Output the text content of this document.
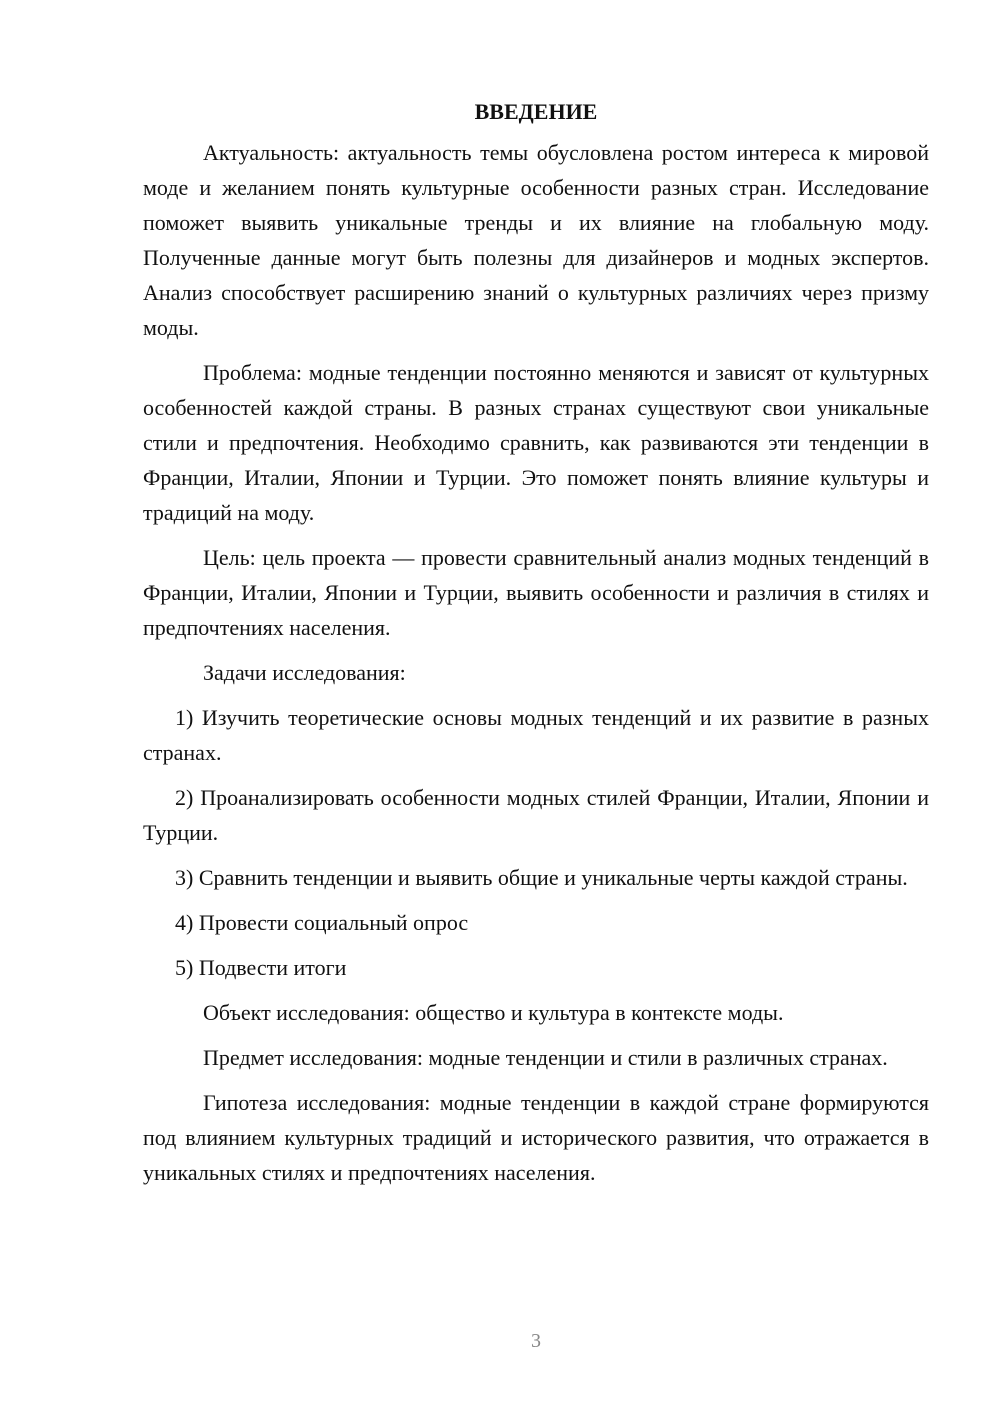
ВВЕДЕНИЕ

Актуальность: актуальность темы обусловлена ростом интереса к мировой моде и желанием понять культурные особенности разных стран. Исследование поможет выявить уникальные тренды и их влияние на глобальную моду. Полученные данные могут быть полезны для дизайнеров и модных экспертов. Анализ способствует расширению знаний о культурных различиях через призму моды.

Проблема: модные тенденции постоянно меняются и зависят от культурных особенностей каждой страны. В разных странах существуют свои уникальные стили и предпочтения. Необходимо сравнить, как развиваются эти тенденции в Франции, Италии, Японии и Турции. Это поможет понять влияние культуры и традиций на моду.

Цель: цель проекта — провести сравнительный анализ модных тенденций в Франции, Италии, Японии и Турции, выявить особенности и различия в стилях и предпочтениях населения.

Задачи исследования:

1) Изучить теоретические основы модных тенденций и их развитие в разных странах.

2) Проанализировать особенности модных стилей Франции, Италии, Японии и Турции.

3) Сравнить тенденции и выявить общие и уникальные черты каждой страны.

4) Провести социальный опрос

5) Подвести итоги

Объект исследования: общество и культура в контексте моды.

Предмет исследования: модные тенденции и стили в различных странах.

Гипотеза исследования: модные тенденции в каждой стране формируются под влиянием культурных традиций и исторического развития, что отражается в уникальных стилях и предпочтениях населения.

3
